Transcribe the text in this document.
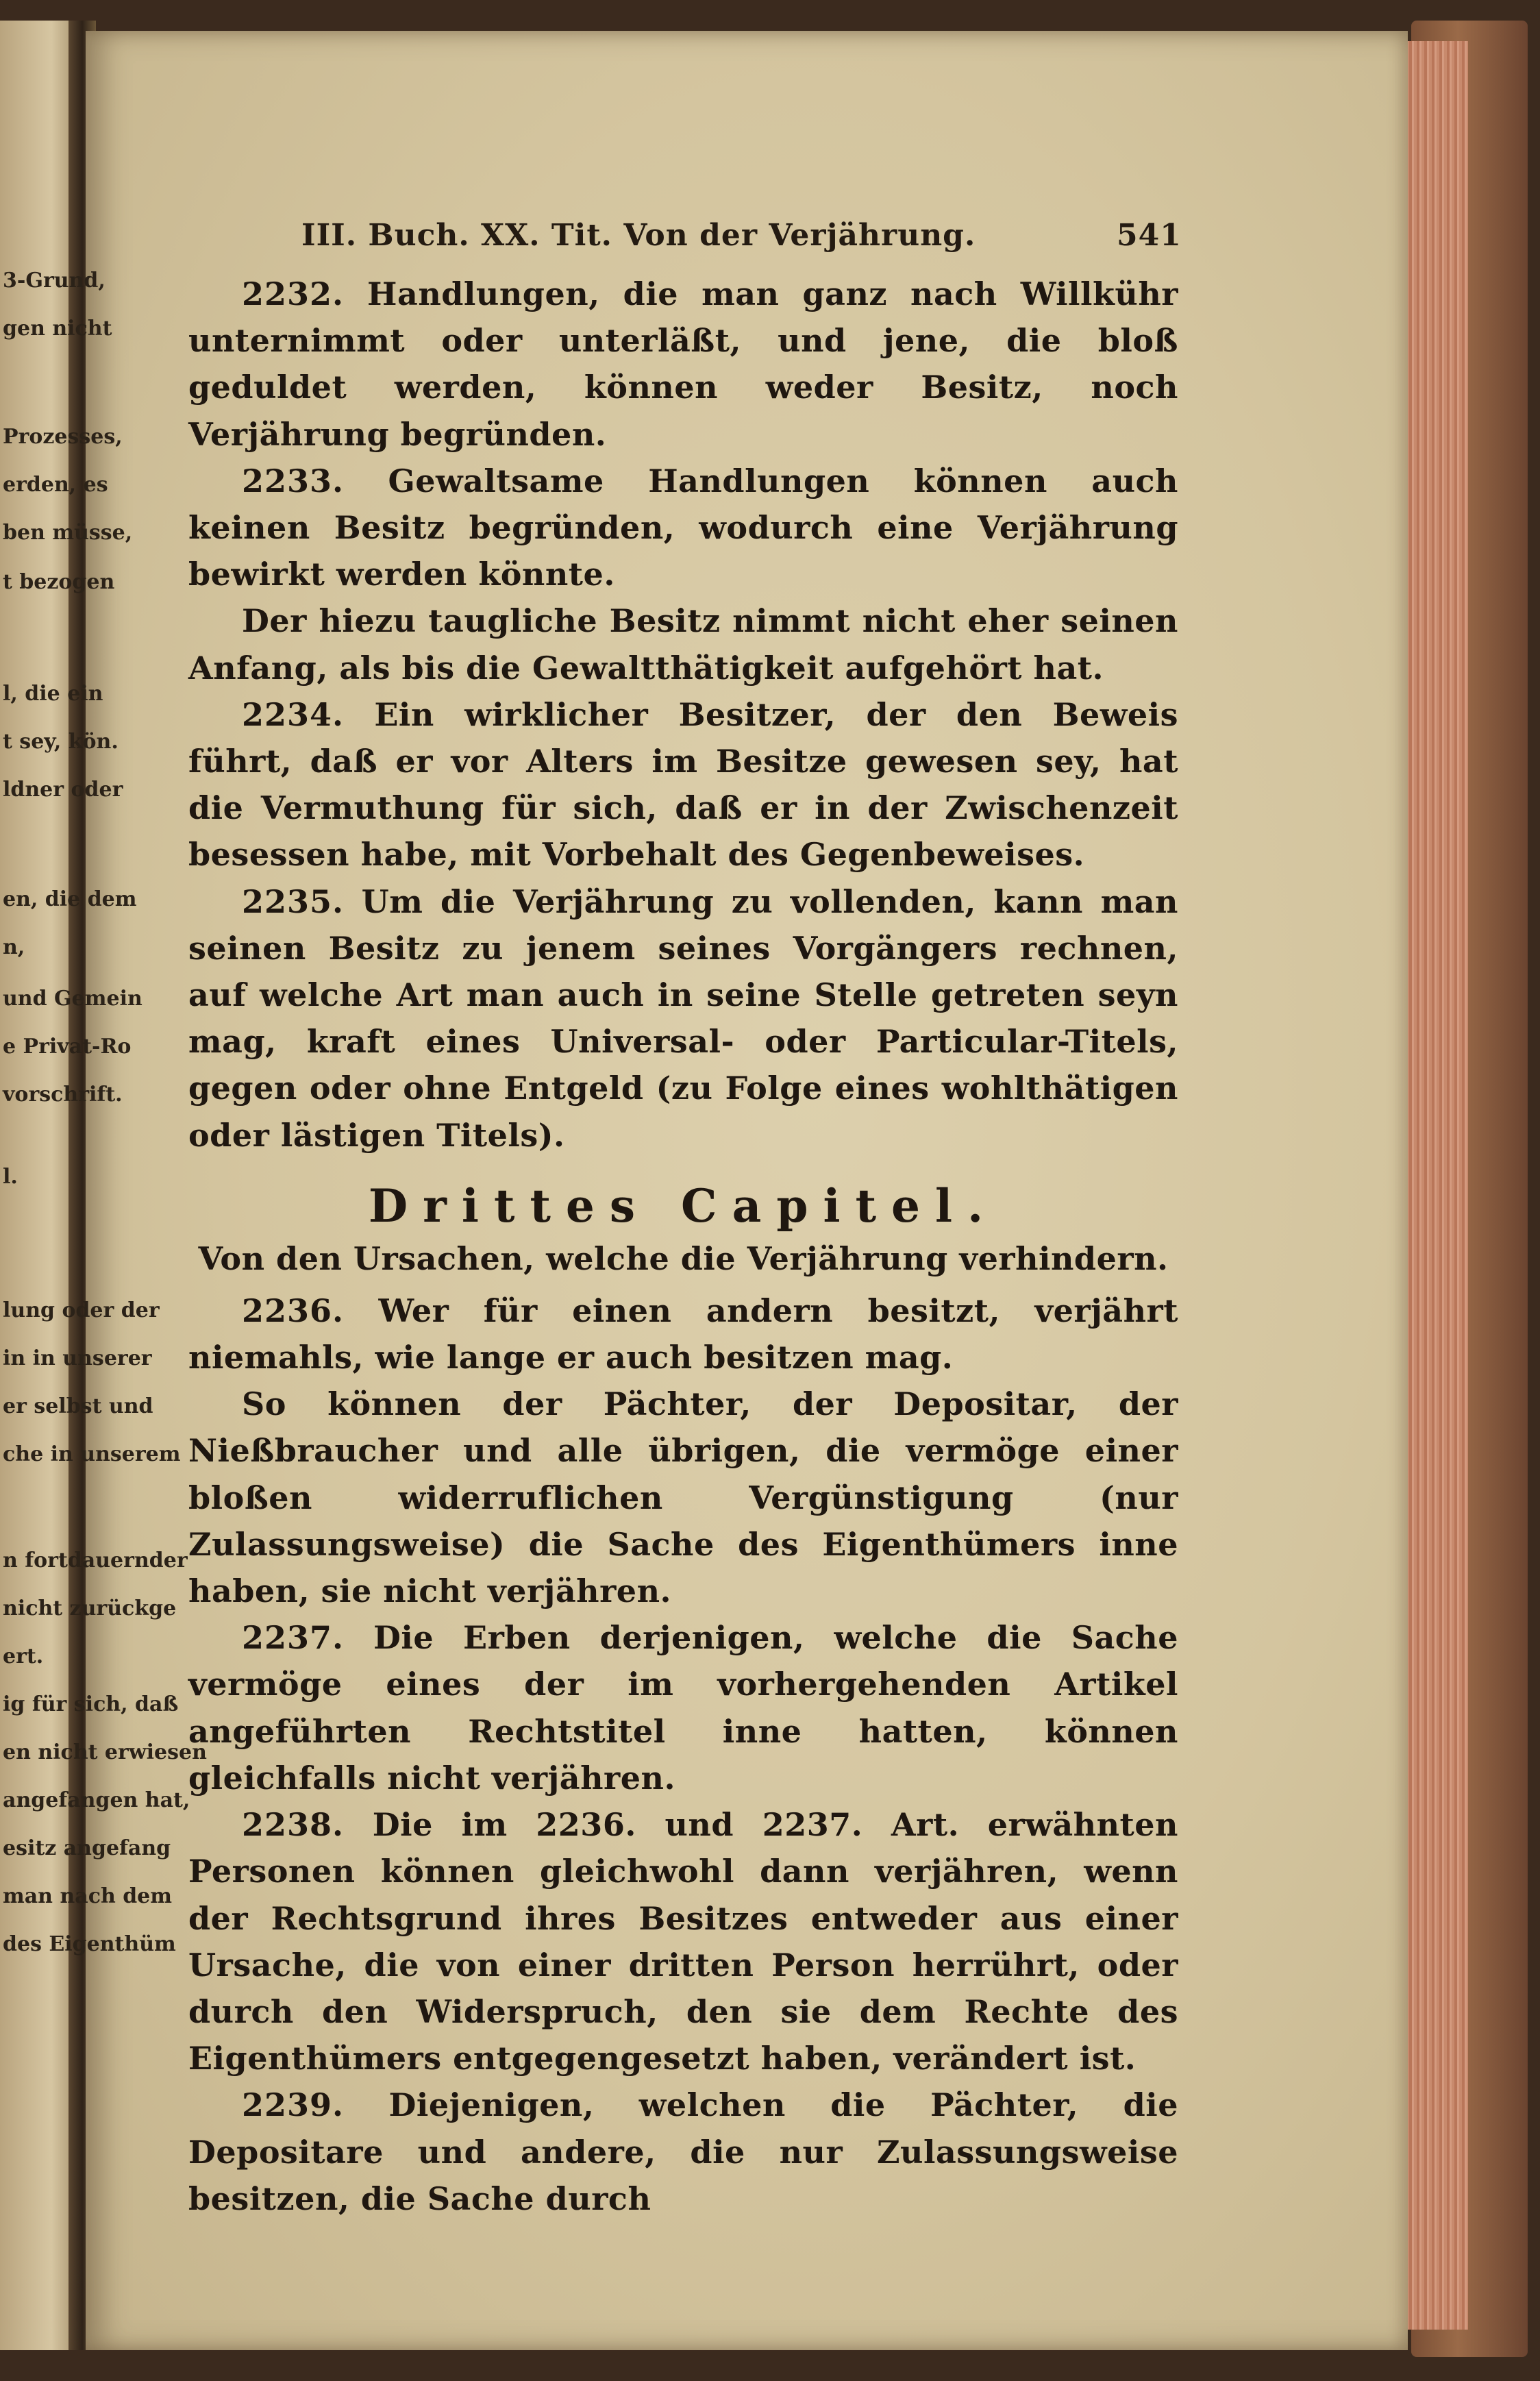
3-Grund,
gen nicht
Prozesses,
erden, es
ben müsse,
t bezogen
l, die ein
t sey, kön.
ldner oder
en, die dem
n,
und Gemein
e Privat-Ro
vorschrift.
l.
lung oder der
in in unserer
er selbst und
che in unserem
n fortdauernder
nicht zurückge
ert.
ig für sich, daß
en nicht erwiesen
angefangen hat,
esitz angefang
man nach dem
des Eigenthüm
III. Buch. XX. Tit. Von der Verjährung.	541

2232. Handlungen, die man ganz nach Willkühr unternimmt oder unterläßt, und jene, die bloß geduldet werden, können weder Besitz, noch Verjährung begründen.

2233. Gewaltsame Handlungen können auch keinen Besitz begründen, wodurch eine Verjährung bewirkt werden könnte.

Der hiezu taugliche Besitz nimmt nicht eher seinen Anfang, als bis die Gewaltthätigkeit aufgehört hat.

2234. Ein wirklicher Besitzer, der den Beweis führt, daß er vor Alters im Besitze gewesen sey, hat die Vermuthung für sich, daß er in der Zwischenzeit besessen habe, mit Vorbehalt des Gegenbeweises.

2235. Um die Verjährung zu vollenden, kann man seinen Besitz zu jenem seines Vorgängers rechnen, auf welche Art man auch in seine Stelle getreten seyn mag, kraft eines Universal- oder Particular-Titels, gegen oder ohne Entgeld (zu Folge eines wohlthätigen oder lästigen Titels).

Drittes Capitel.
Von den Ursachen, welche die Verjährung verhindern.

2236. Wer für einen andern besitzt, verjährt niemahls, wie lange er auch besitzen mag.

So können der Pächter, der Depositar, der Nießbraucher und alle übrigen, die vermöge einer bloßen widerruflichen Vergünstigung (nur Zulassungsweise) die Sache des Eigenthümers inne haben, sie nicht verjähren.

2237. Die Erben derjenigen, welche die Sache vermöge eines der im vorhergehenden Artikel angeführten Rechtstitel inne hatten, können gleichfalls nicht verjähren.

2238. Die im 2236. und 2237. Art. erwähnten Personen können gleichwohl dann verjähren, wenn der Rechtsgrund ihres Besitzes entweder aus einer Ursache, die von einer dritten Person herrührt, oder durch den Widerspruch, den sie dem Rechte des Eigenthümers entgegengesetzt haben, verändert ist.

2239. Diejenigen, welchen die Pächter, die Depositare und andere, die nur Zulassungsweise besitzen, die Sache durch
